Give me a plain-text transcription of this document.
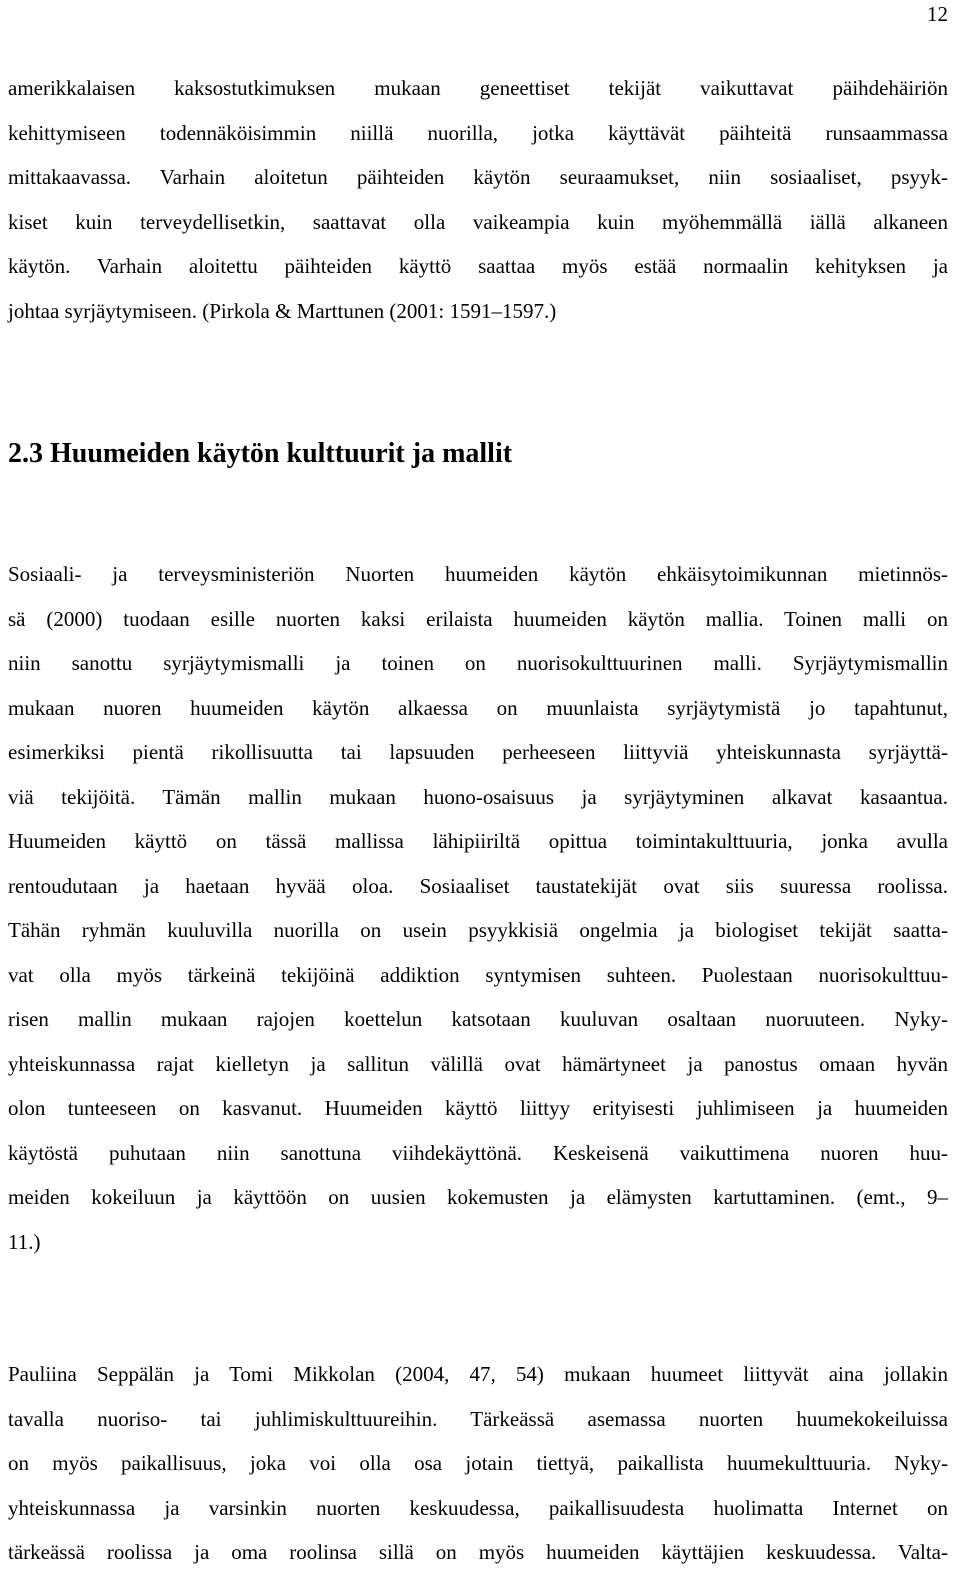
12
amerikkalaisen kaksostutkimuksen mukaan geneettiset tekijät vaikuttavat päihdehäiriön
kehittymiseen todennäköisimmin niillä nuorilla, jotka käyttävät päihteitä runsaammassa
mittakaavassa. Varhain aloitetun päihteiden käytön seuraamukset, niin sosiaaliset, psyyk-
kiset kuin terveydellisetkin, saattavat olla vaikeampia kuin myöhemmällä iällä alkaneen
käytön. Varhain aloitettu päihteiden käyttö saattaa myös estää normaalin kehityksen ja
johtaa syrjäytymiseen. (Pirkola & Marttunen (2001: 1591–1597.)
2.3 Huumeiden käytön kulttuurit ja mallit
Sosiaali- ja terveysministeriön Nuorten huumeiden käytön ehkäisytoimikunnan mietinnös-
sä (2000) tuodaan esille nuorten kaksi erilaista huumeiden käytön mallia. Toinen malli on
niin sanottu syrjäytymismalli ja toinen on nuorisokulttuurinen malli. Syrjäytymismallin
mukaan nuoren huumeiden käytön alkaessa on muunlaista syrjäytymistä jo tapahtunut,
esimerkiksi pientä rikollisuutta tai lapsuuden perheeseen liittyviä yhteiskunnasta syrjäyttä-
viä tekijöitä. Tämän mallin mukaan huono-osaisuus ja syrjäytyminen alkavat kasaantua.
Huumeiden käyttö on tässä mallissa lähipiiriltä opittua toimintakulttuuria, jonka avulla
rentoudutaan ja haetaan hyvää oloa. Sosiaaliset taustatekijät ovat siis suuressa roolissa.
Tähän ryhmän kuuluvilla nuorilla on usein psyykkisiä ongelmia ja biologiset tekijät saatta-
vat olla myös tärkeinä tekijöinä addiktion syntymisen suhteen. Puolestaan nuorisokulttuu-
risen mallin mukaan rajojen koettelun katsotaan kuuluvan osaltaan nuoruuteen. Nyky-
yhteiskunnassa rajat kielletyn ja sallitun välillä ovat hämärtyneet ja panostus omaan hyvän
olon tunteeseen on kasvanut. Huumeiden käyttö liittyy erityisesti juhlimiseen ja huumeiden
käytöstä puhutaan niin sanottuna viihdekäyttönä. Keskeisenä vaikuttimena nuoren huu-
meiden kokeiluun ja käyttöön on uusien kokemusten ja elämysten kartuttaminen. (emt., 9–
11.)
Pauliina Seppälän ja Tomi Mikkolan (2004, 47, 54) mukaan huumeet liittyvät aina jollakin
tavalla nuoriso- tai juhlimiskulttuureihin. Tärkeässä asemassa nuorten huumekokeiluissa
on myös paikallisuus, joka voi olla osa jotain tiettyä, paikallista huumekulttuuria. Nyky-
yhteiskunnassa ja varsinkin nuorten keskuudessa, paikallisuudesta huolimatta Internet on
tärkeässä roolissa ja oma roolinsa sillä on myös huumeiden käyttäjien keskuudessa. Valta-
